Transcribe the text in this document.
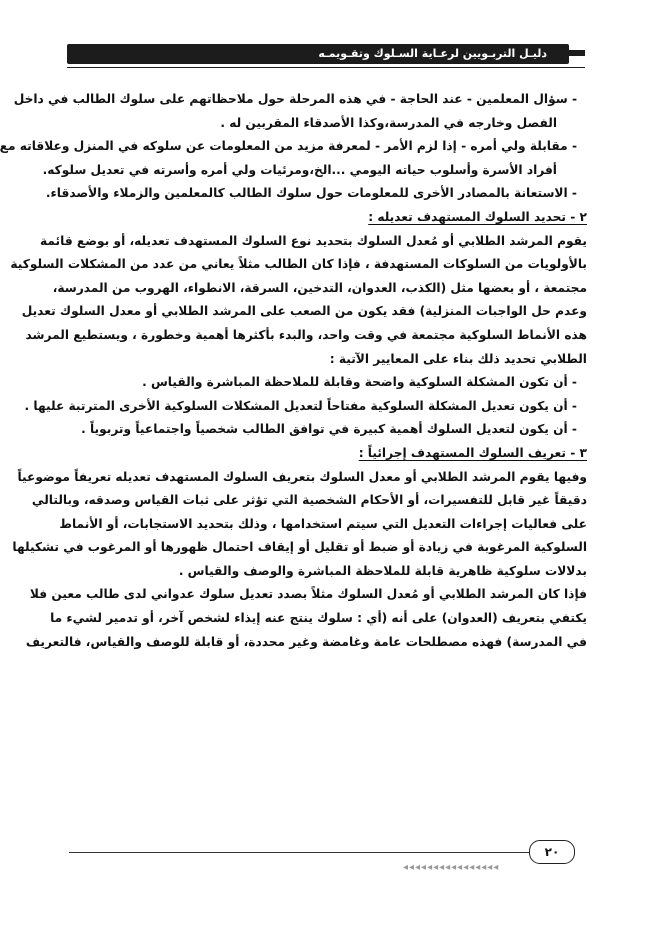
دليـل التربـويين لرعـاية السـلوك وتقـويمـه
- سؤال المعلمين - عند الحاجة - في هذه المرحلة حول ملاحظاتهم على سلوك الطالب في داخل
الفصل وخارجه في المدرسة،وكذا الأصدقاء المقربين له .
- مقابلة ولي أمره - إذا لزم الأمر - لمعرفة مزيد من المعلومات عن سلوكه في المنزل وعلاقاته مع
أفراد الأسرة وأسلوب حياته اليومي ...الخ،ومرئيات ولي أمره وأسرته في تعديل سلوكه.
- الاستعانة بالمصادر الأخرى للمعلومات حول سلوك الطالب كالمعلمين والزملاء والأصدقاء.
٢ - تحديد السلوك المستهدف تعديله :
يقوم المرشد الطلابي أو مُعدل السلوك بتحديد نوع السلوك المستهدف تعديله، أو بوضع قائمة
بالأولويات من السلوكات المستهدفة ، فإذا كان الطالب مثلاً يعاني من عدد من المشكلات السلوكية
مجتمعة ، أو بعضها مثل (الكذب، العدوان، التدخين، السرقة، الانطواء، الهروب من المدرسة،
وعدم حل الواجبات المنزلية) فقد يكون من الصعب على المرشد الطلابي أو معدل السلوك تعديل
هذه الأنماط السلوكية مجتمعة في وقت واحد، والبدء بأكثرها أهمية وخطورة ، ويستطيع المرشد
الطلابي تحديد ذلك بناء على المعايير الآتية :
- أن تكون المشكلة السلوكية واضحة وقابلة للملاحظة المباشرة والقياس .
- أن يكون تعديل المشكلة السلوكية مفتاحاً لتعديل المشكلات السلوكية الأخرى المترتبة عليها .
- أن يكون لتعديل السلوك أهمية كبيرة في توافق الطالب شخصياً واجتماعياً وتربوياً .
٣ - تعريف السلوك المستهدف إجرائياً :
وفيها يقوم المرشد الطلابي أو معدل السلوك بتعريف السلوك المستهدف تعديله تعريفاً موضوعياً
دقيقاً غير قابل للتفسيرات، أو الأحكام الشخصية التي تؤثر على ثبات القياس وصدقه، وبالتالي
على فعاليات إجراءات التعديل التي سيتم استخدامها ، وذلك بتحديد الاستجابات، أو الأنماط
السلوكية المرغوبة في زيادة أو ضبط أو تقليل أو إيقاف احتمال ظهورها أو المرغوب في تشكيلها
بدلالات سلوكية ظاهرية قابلة للملاحظة المباشرة والوصف والقياس .
فإذا كان المرشد الطلابي أو مُعدل السلوك مثلاً بصدد تعديل سلوك عدواني لدى طالب معين فلا
يكتفي بتعريف (العدوان) على أنه (أي : سلوك ينتج عنه إيذاء لشخص آخر، أو تدمير لشيء ما
في المدرسة) فهذه مصطلحات عامة وغامضة وغير محددة، أو قابلة للوصف والقياس، فالتعريف
٢٠
◂◂◂◂◂◂◂◂◂◂◂◂◂◂◂◂
